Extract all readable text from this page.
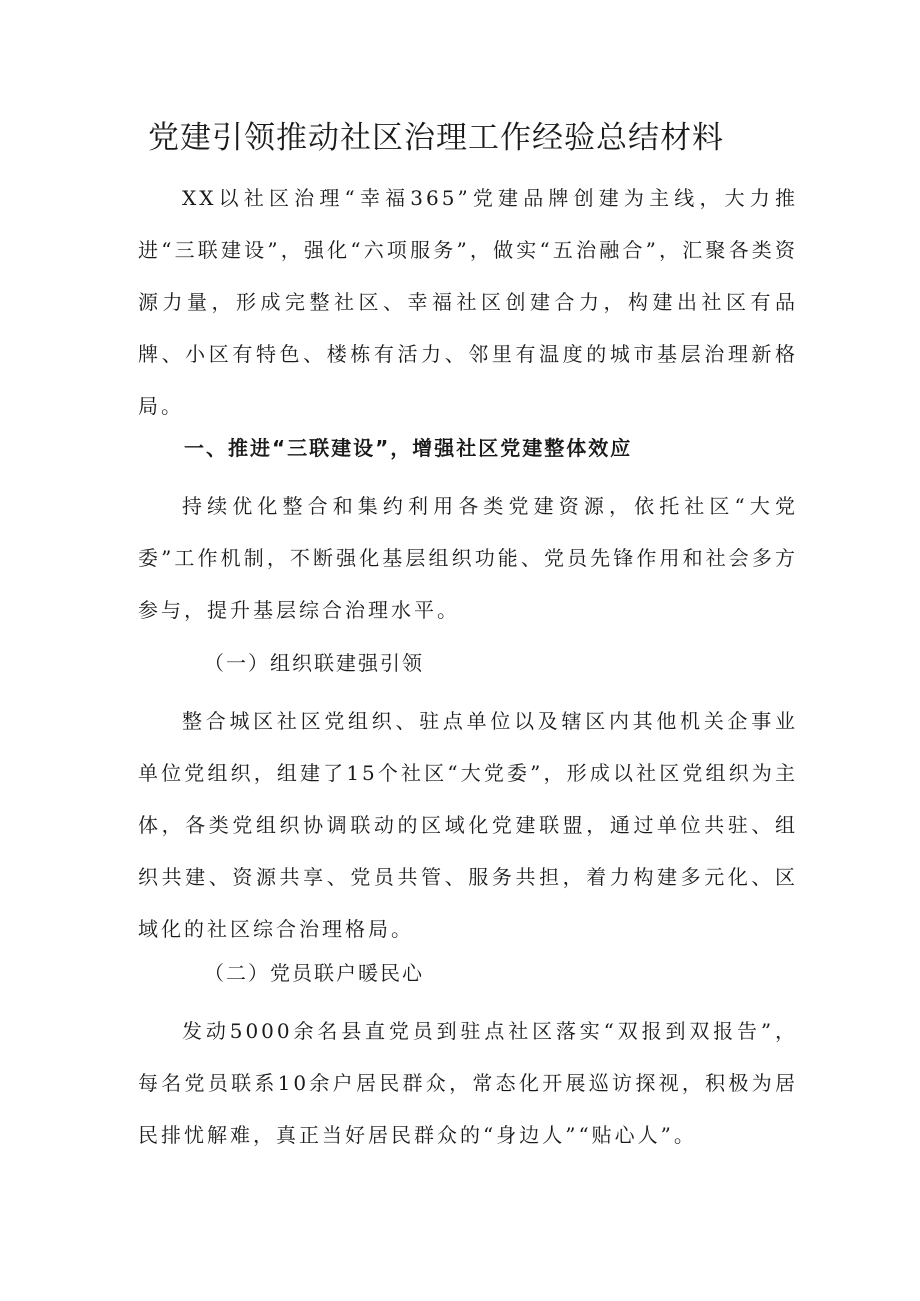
党建引领推动社区治理工作经验总结材料

XX以社区治理“幸福365”党建品牌创建为主线，大力推进“三联建设”，强化“六项服务”，做实“五治融合”，汇聚各类资源力量，形成完整社区、幸福社区创建合力，构建出社区有品牌、小区有特色、楼栋有活力、邻里有温度的城市基层治理新格局。

一、推进“三联建设”，增强社区党建整体效应

持续优化整合和集约利用各类党建资源，依托社区“大党委”工作机制，不断强化基层组织功能、党员先锋作用和社会多方参与，提升基层综合治理水平。

（一）组织联建强引领

整合城区社区党组织、驻点单位以及辖区内其他机关企事业单位党组织，组建了15个社区“大党委”，形成以社区党组织为主体，各类党组织协调联动的区域化党建联盟，通过单位共驻、组织共建、资源共享、党员共管、服务共担，着力构建多元化、区域化的社区综合治理格局。

（二）党员联户暖民心

发动5000余名县直党员到驻点社区落实“双报到双报告”，每名党员联系10余户居民群众，常态化开展巡访探视，积极为居民排忧解难，真正当好居民群众的“身边人”“贴心人”。
